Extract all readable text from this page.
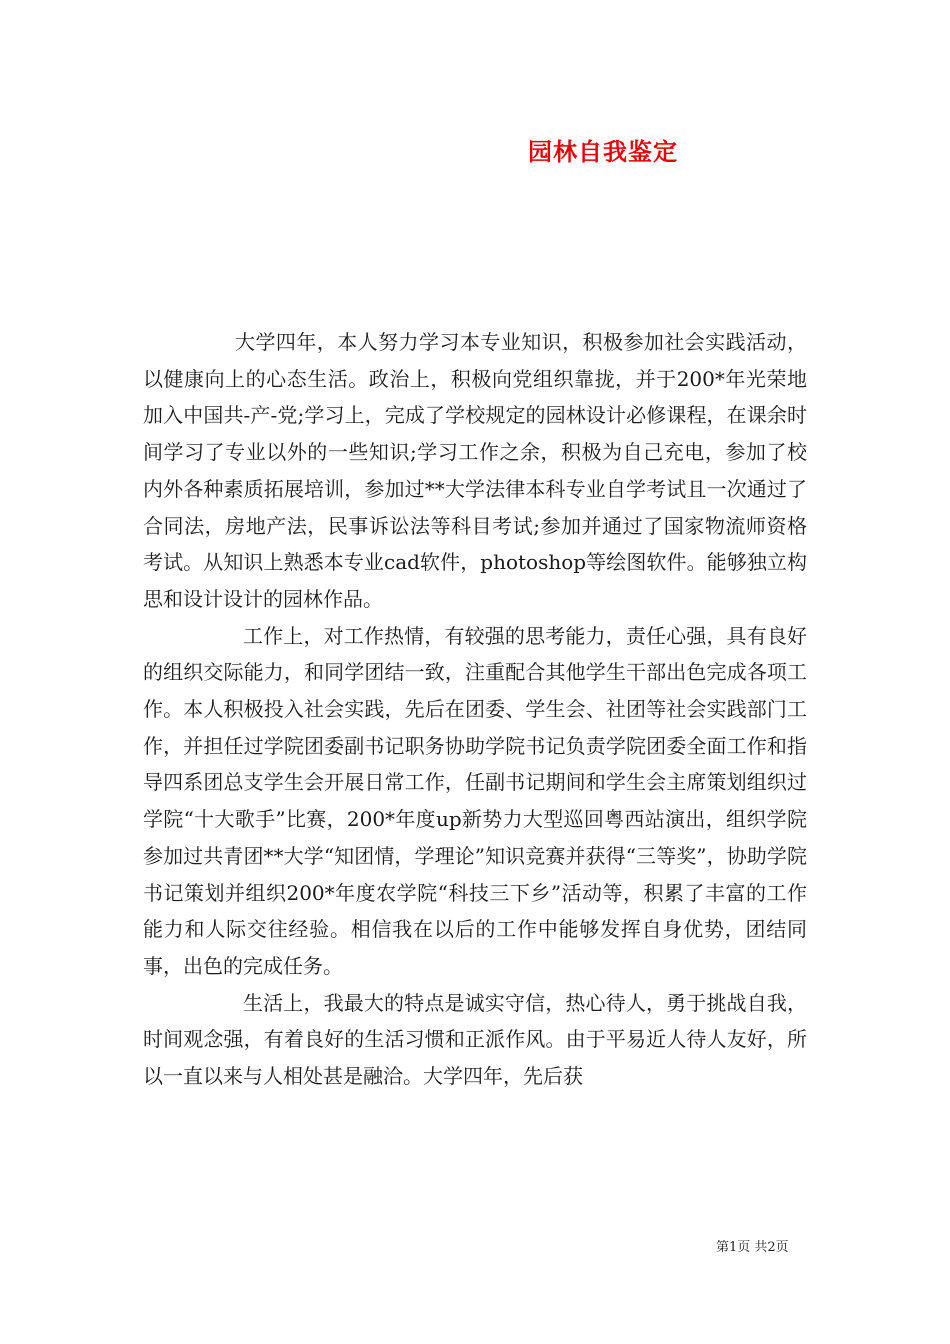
园林自我鉴定

大学四年，本人努力学习本专业知识，积极参加社会实践活动，以健康向上的心态生活。政治上，积极向党组织靠拢，并于200*年光荣地加入中国共-产-党;学习上，完成了学校规定的园林设计必修课程，在课余时间学习了专业以外的一些知识;学习工作之余，积极为自己充电，参加了校内外各种素质拓展培训，参加过**大学法律本科专业自学考试且一次通过了合同法，房地产法，民事诉讼法等科目考试;参加并通过了国家物流师资格考试。从知识上熟悉本专业cad软件，photoshop等绘图软件。能够独立构思和设计设计的园林作品。

工作上，对工作热情，有较强的思考能力，责任心强，具有良好的组织交际能力，和同学团结一致，注重配合其他学生干部出色完成各项工作。本人积极投入社会实践，先后在团委、学生会、社团等社会实践部门工作，并担任过学院团委副书记职务协助学院书记负责学院团委全面工作和指导四系团总支学生会开展日常工作，任副书记期间和学生会主席策划组织过学院“十大歌手”比赛，200*年度up新势力大型巡回粤西站演出，组织学院参加过共青团**大学“知团情，学理论”知识竞赛并获得“三等奖”，协助学院书记策划并组织200*年度农学院“科技三下乡”活动等，积累了丰富的工作能力和人际交往经验。相信我在以后的工作中能够发挥自身优势，团结同事，出色的完成任务。

生活上，我最大的特点是诚实守信，热心待人，勇于挑战自我，时间观念强，有着良好的生活习惯和正派作风。由于平易近人待人友好，所以一直以来与人相处甚是融洽。大学四年，先后获

第1页 共2页
